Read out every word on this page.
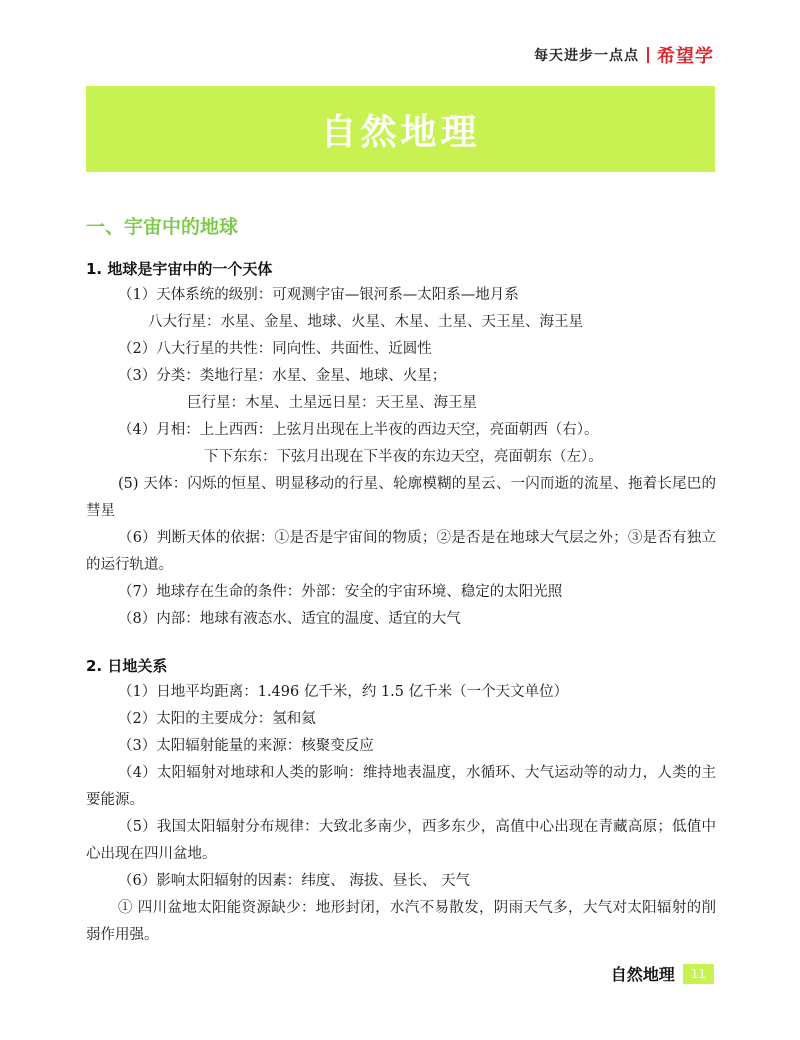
每天进步一点点 希望学
自然地理
一、宇宙中的地球
1. 地球是宇宙中的一个天体

（1）天体系统的级别：可观测宇宙—银河系—太阳系—地月系

八大行星：水星、金星、地球、火星、木星、土星、天王星、海王星

（2）八大行星的共性：同向性、共面性、近圆性

（3）分类：类地行星：水星、金星、地球、火星；

巨行星：木星、土星远日星：天王星、海王星

（4）月相：上上西西：上弦月出现在上半夜的西边天空，亮面朝西（右）。

下下东东：下弦月出现在下半夜的东边天空，亮面朝东（左）。

(5) 天体：闪烁的恒星、明显移动的行星、轮廓模糊的星云、一闪而逝的流星、拖着长尾巴的彗星

（6）判断天体的依据：①是否是宇宙间的物质；②是否是在地球大气层之外；③是否有独立的运行轨道。

（7）地球存在生命的条件：外部：安全的宇宙环境、稳定的太阳光照

（8）内部：地球有液态水、适宜的温度、适宜的大气

2. 日地关系

（1）日地平均距离：1.496 亿千米，约 1.5 亿千米（一个天文单位）

（2）太阳的主要成分：氢和氦

（3）太阳辐射能量的来源：核聚变反应

（4）太阳辐射对地球和人类的影响：维持地表温度，水循环、大气运动等的动力，人类的主要能源。

（5）我国太阳辐射分布规律：大致北多南少，西多东少，高值中心出现在青藏高原；低值中心出现在四川盆地。

（6）影响太阳辐射的因素：纬度、 海拔、昼长、 天气

① 四川盆地太阳能资源缺少：地形封闭，水汽不易散发，阴雨天气多，大气对太阳辐射的削弱作用强。

自然地理	11
